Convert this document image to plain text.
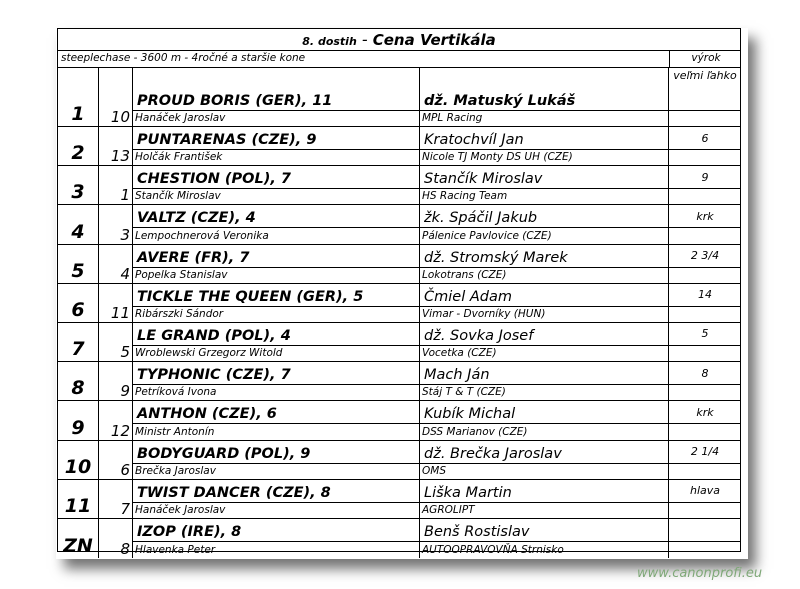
8. dostih - Cena Vertikála
steeplechase - 3600 m - 4ročné a staršie kone	výrok
1 10
PROUD BORIS (GER), 11
Hanáček Jaroslav
dž. Matuský Lukáš
MPL Racing
veľmi ľahko
2 13
PUNTARENAS (CZE), 9
Holčák František
Kratochvíl Jan
Nicole TJ Monty DS UH (CZE)
6
3 1
CHESTION (POL), 7
Stančík Miroslav
Stančík Miroslav
HS Racing Team
9
4 3
VALTZ (CZE), 4
Lempochnerová Veronika
žk. Spáčil Jakub
Pálenice Pavlovice (CZE)
krk
5 4
AVERE (FR), 7
Popelka Stanislav
dž. Stromský Marek
Lokotrans (CZE)
2 3/4
6 11
TICKLE THE QUEEN (GER), 5
Ribárszki Sándor
Čmiel Adam
Vimar - Dvorníky (HUN)
14
7 5
LE GRAND (POL), 4
Wroblewski Grzegorz Witold
dž. Sovka Josef
Vocetka (CZE)
5
8 9
TYPHONIC (CZE), 7
Petríková Ivona
Mach Ján
Stáj T & T (CZE)
8
9 12
ANTHON (CZE), 6
Ministr Antonín
Kubík Michal
DSS Marianov (CZE)
krk
10 6
BODYGUARD (POL), 9
Brečka Jaroslav
dž. Brečka Jaroslav
OMS
2 1/4
11 7
TWIST DANCER (CZE), 8
Hanáček Jaroslav
Liška Martin
AGROLIPT
hlava
ZN 8
IZOP (IRE), 8
Hlavenka Peter
Benš Rostislav
AUTOOPRAVOVŇA Strnisko
www.canonprofi.eu
